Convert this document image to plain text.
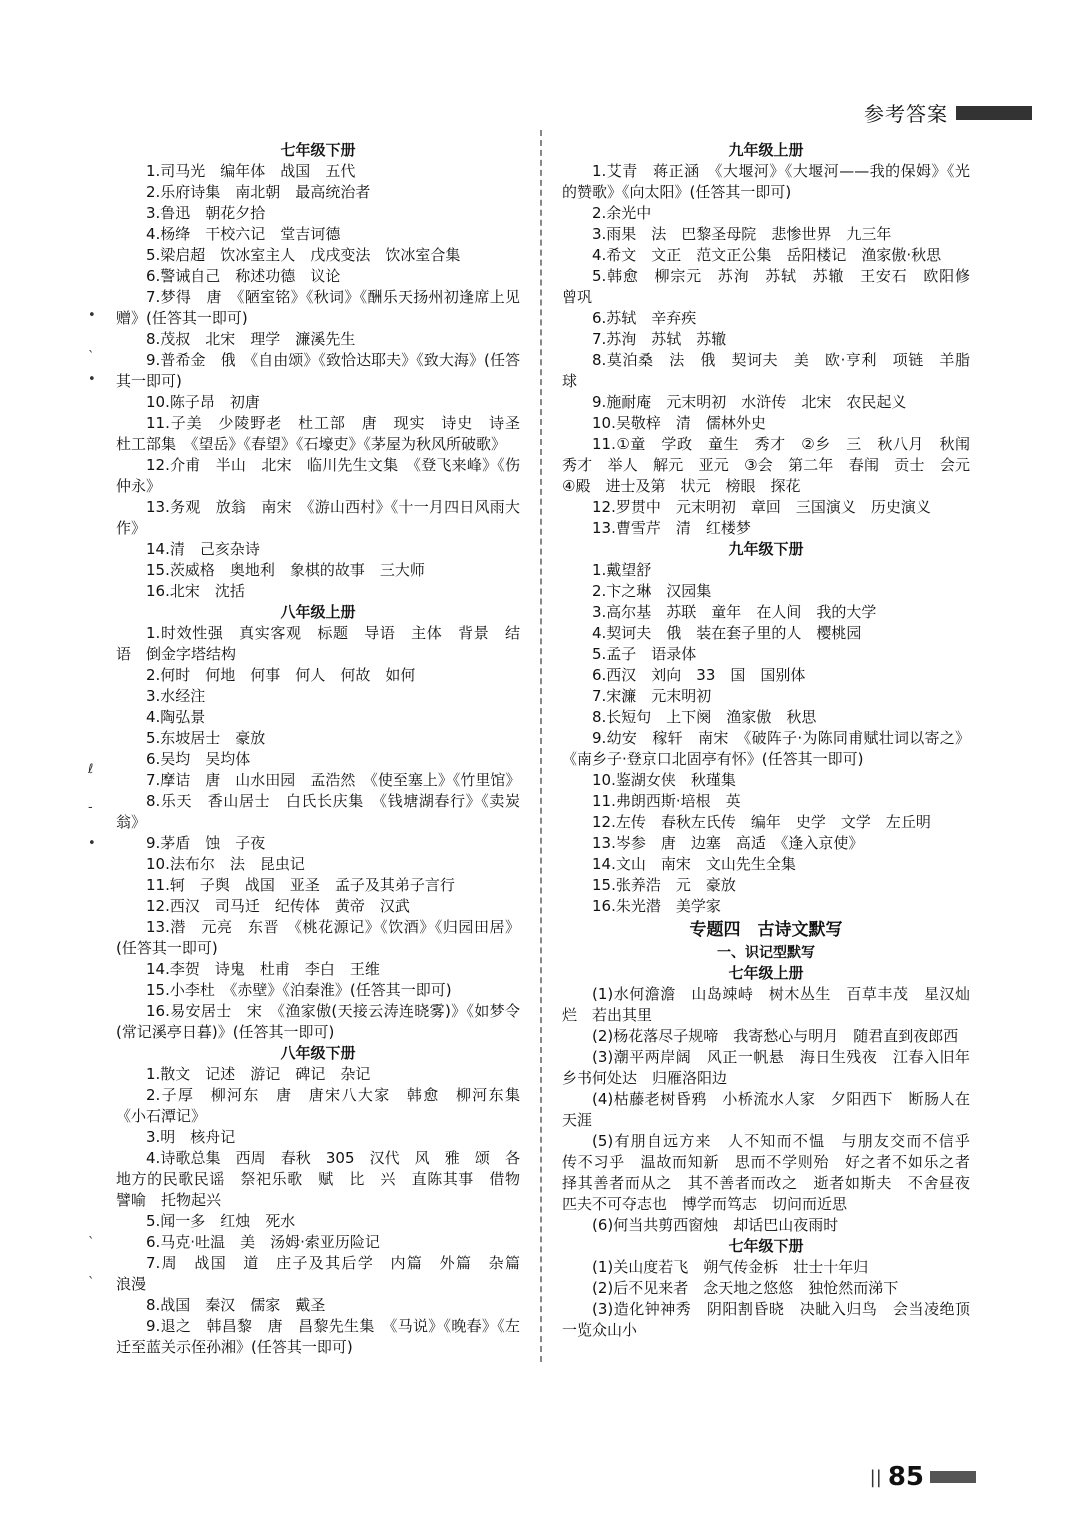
参考答案
七年级下册
1.司马光　编年体　战国　五代
2.乐府诗集　南北朝　最高统治者
3.鲁迅　朝花夕拾
4.杨绛　干校六记　堂吉诃德
5.梁启超　饮冰室主人　戊戌变法　饮冰室合集
6.警诫自己　称述功德　议论
7.梦得　唐　《陋室铭》《秋词》《酬乐天扬州初逢席上见赠》(任答其一即可)
8.茂叔　北宋　理学　濂溪先生
9.普希金　俄　《自由颂》《致恰达耶夫》《致大海》(任答其一即可)
10.陈子昂　初唐
11.子美　少陵野老　杜工部　唐　现实　诗史　诗圣　杜工部集　《望岳》《春望》《石壕吏》《茅屋为秋风所破歌》
12.介甫　半山　北宋　临川先生文集　《登飞来峰》《伤仲永》
13.务观　放翁　南宋　《游山西村》《十一月四日风雨大作》
14.清　己亥杂诗
15.茨威格　奥地利　象棋的故事　三大师
16.北宋　沈括
八年级上册
1.时效性强　真实客观　标题　导语　主体　背景　结语　倒金字塔结构
2.何时　何地　何事　何人　何故　如何
3.水经注
4.陶弘景
5.东坡居士　豪放
6.吴均　吴均体
7.摩诘　唐　山水田园　孟浩然　《使至塞上》《竹里馆》
8.乐天　香山居士　白氏长庆集　《钱塘湖春行》《卖炭翁》
9.茅盾　蚀　子夜
10.法布尔　法　昆虫记
11.轲　子舆　战国　亚圣　孟子及其弟子言行
12.西汉　司马迁　纪传体　黄帝　汉武
13.潜　元亮　东晋　《桃花源记》《饮酒》《归园田居》(任答其一即可)
14.李贺　诗鬼　杜甫　李白　王维
15.小李杜　《赤壁》《泊秦淮》(任答其一即可)
16.易安居士　宋　《渔家傲(天接云涛连晓雾)》《如梦令(常记溪亭日暮)》(任答其一即可)
八年级下册
1.散文　记述　游记　碑记　杂记
2.子厚　柳河东　唐　唐宋八大家　韩愈　柳河东集《小石潭记》
3.明　核舟记
4.诗歌总集　西周　春秋　305　汉代　风　雅　颂　各地方的民歌民谣　祭祀乐歌　赋　比　兴　直陈其事　借物譬喻　托物起兴
5.闻一多　红烛　死水
6.马克·吐温　美　汤姆·索亚历险记
7.周　战国　道　庄子及其后学　内篇　外篇　杂篇　浪漫
8.战国　秦汉　儒家　戴圣
9.退之　韩昌黎　唐　昌黎先生集　《马说》《晚春》《左迁至蓝关示侄孙湘》(任答其一即可)
九年级上册
1.艾青　蒋正涵　《大堰河》《大堰河——我的保姆》《光的赞歌》《向太阳》(任答其一即可)
2.余光中
3.雨果　法　巴黎圣母院　悲惨世界　九三年
4.希文　文正　范文正公集　岳阳楼记　渔家傲·秋思
5.韩愈　柳宗元　苏洵　苏轼　苏辙　王安石　欧阳修　曾巩
6.苏轼　辛弃疾
7.苏洵　苏轼　苏辙
8.莫泊桑　法　俄　契诃夫　美　欧·亨利　项链　羊脂球
9.施耐庵　元末明初　水浒传　北宋　农民起义
10.吴敬梓　清　儒林外史
11.①童　学政　童生　秀才　②乡　三　秋八月　秋闱　秀才　举人　解元　亚元　③会　第二年　春闱　贡士　会元　④殿　进士及第　状元　榜眼　探花
12.罗贯中　元末明初　章回　三国演义　历史演义
13.曹雪芹　清　红楼梦
九年级下册
1.戴望舒
2.卞之琳　汉园集
3.高尔基　苏联　童年　在人间　我的大学
4.契诃夫　俄　装在套子里的人　樱桃园
5.孟子　语录体
6.西汉　刘向　33　国　国别体
7.宋濂　元末明初
8.长短句　上下阕　渔家傲　秋思
9.幼安　稼轩　南宋　《破阵子·为陈同甫赋壮词以寄之》《南乡子·登京口北固亭有怀》(任答其一即可)
10.鉴湖女侠　秋瑾集
11.弗朗西斯·培根　英
12.左传　春秋左氏传　编年　史学　文学　左丘明
13.岑参　唐　边塞　高适　《逢入京使》
14.文山　南宋　文山先生全集
15.张养浩　元　豪放
16.朱光潜　美学家
专题四　古诗文默写
一、识记型默写
七年级上册
(1)水何澹澹　山岛竦峙　树木丛生　百草丰茂　星汉灿烂　若出其里
(2)杨花落尽子规啼　我寄愁心与明月　随君直到夜郎西
(3)潮平两岸阔　风正一帆悬　海日生残夜　江春入旧年　乡书何处达　归雁洛阳边
(4)枯藤老树昏鸦　小桥流水人家　夕阳西下　断肠人在天涯
(5)有朋自远方来　人不知而不愠　与朋友交而不信乎　传不习乎　温故而知新　思而不学则殆　好之者不如乐之者　择其善者而从之　其不善者而改之　逝者如斯夫　不舍昼夜　匹夫不可夺志也　博学而笃志　切问而近思
(6)何当共剪西窗烛　却话巴山夜雨时
七年级下册
(1)关山度若飞　朔气传金柝　壮士十年归
(2)后不见来者　念天地之悠悠　独怆然而涕下
(3)造化钟神秀　阴阳割昏晓　决眦入归鸟　会当凌绝顶　一览众山小
•
ˋ
•
ℓ
-
•
ˋ
ˋ
|| 85
